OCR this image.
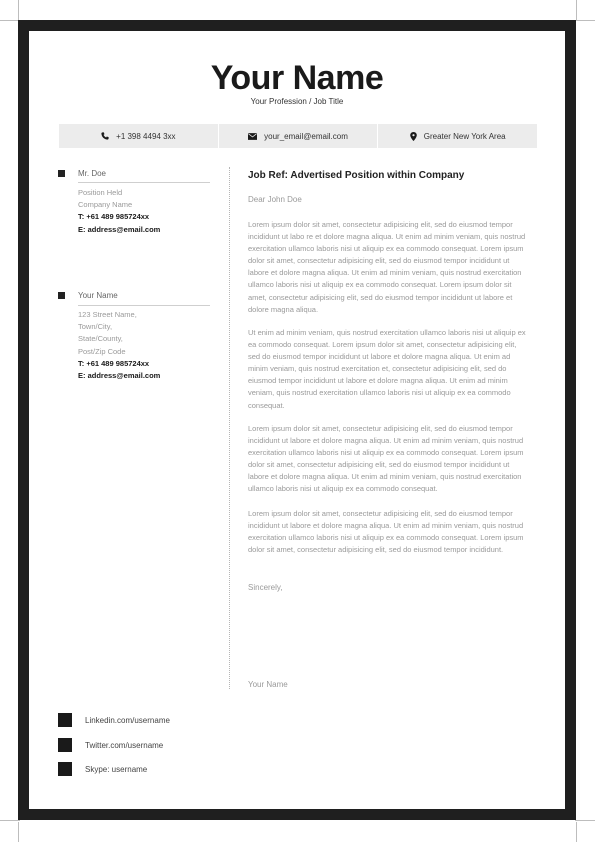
Your Name
Your Profession / Job Title
+1 398 4494 3xx	your_email@email.com	Greater New York Area
Mr. Doe
Position Held
Company Name
T: +61 489 985724xx
E: address@email.com
Your Name
123 Street Name,
Town/City,
State/County,
Post/Zip Code
T: +61 489 985724xx
E: address@email.com
Job Ref: Advertised Position within Company
Dear John Doe

Lorem ipsum dolor sit amet, consectetur adipisicing elit, sed do eiusmod tempor incididunt ut labo re et dolore magna aliqua. Ut enim ad minim veniam, quis nostrud exercitation ullamco laboris nisi ut aliquip ex ea commodo consequat. Lorem ipsum dolor sit amet, consectetur adipisicing elit, sed do eiusmod tempor incididunt ut labore et dolore magna aliqua. Ut enim ad minim veniam, quis nostrud exercitation ullamco laboris nisi ut aliquip ex ea commodo consequat. Lorem ipsum dolor sit amet, consectetur adipisicing elit, sed do eiusmod tempor incididunt ut labore et dolore magna aliqua.

Ut enim ad minim veniam, quis nostrud exercitation ullamco laboris nisi ut aliquip ex ea commodo consequat. Lorem ipsum dolor sit amet, consectetur adipisicing elit, sed do eiusmod tempor incididunt ut labore et dolore magna aliqua. Ut enim ad minim veniam, quis nostrud exercitation et, consectetur adipisicing elit, sed do eiusmod tempor incididunt ut labore et dolore magna aliqua. Ut enim ad minim veniam, quis nostrud exercitation ullamco laboris nisi ut aliquip ex ea commodo consequat.

Lorem ipsum dolor sit amet, consectetur adipisicing elit, sed do eiusmod tempor incididunt ut labore et dolore magna aliqua. Ut enim ad minim veniam, quis nostrud exercitation ullamco laboris nisi ut aliquip ex ea commodo consequat. Lorem ipsum dolor sit amet, consectetur adipisicing elit, sed do eiusmod tempor incididunt ut labore et dolore magna aliqua. Ut enim ad minim veniam, quis nostrud exercitation ullamco laboris nisi ut aliquip ex ea commodo consequat.

Lorem ipsum dolor sit amet, consectetur adipisicing elit, sed do eiusmod tempor incididunt ut labore et dolore magna aliqua. Ut enim ad minim veniam, quis nostrud exercitation ullamco laboris nisi ut aliquip ex ea commodo consequat. Lorem ipsum dolor sit amet, consectetur adipisicing elit, sed do eiusmod tempor incididunt.

Sincerely,
Your Name
Linkedin.com/username
Twitter.com/username
Skype: username
